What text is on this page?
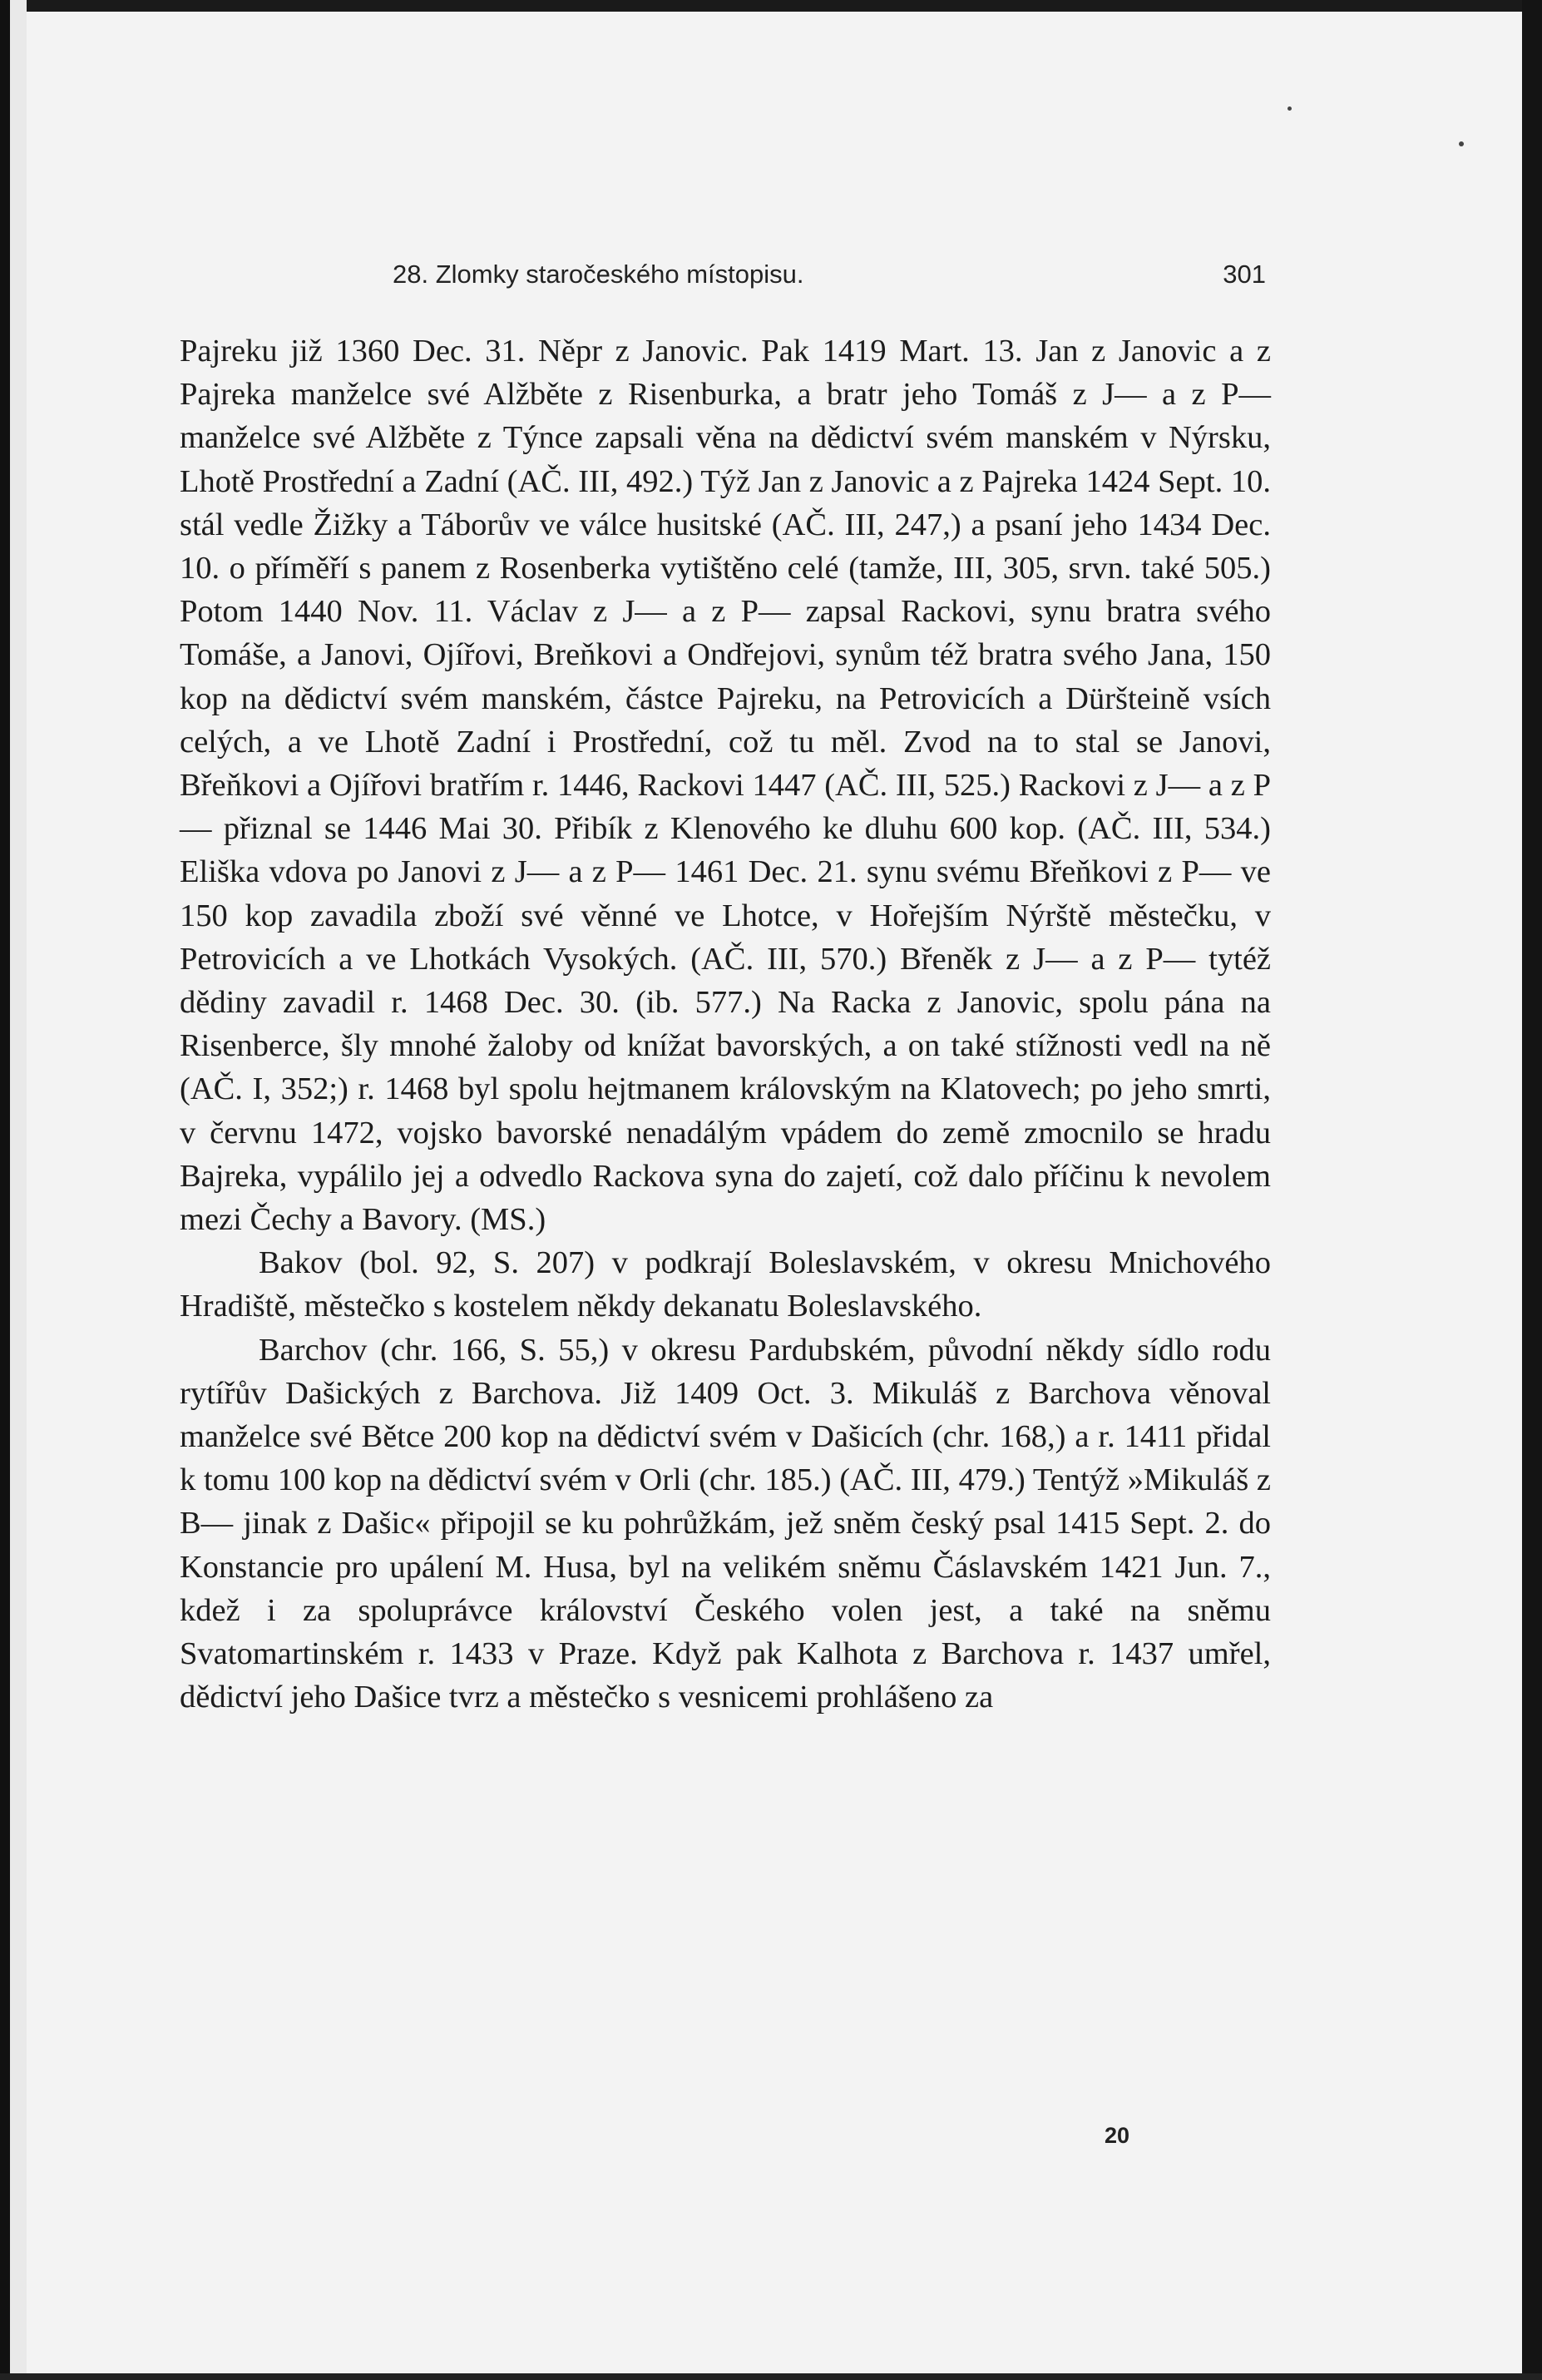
28. Zlomky staročeského místopisu.	301

Pajreku již 1360 Dec. 31. Něpr z Janovic. Pak 1419 Mart. 13. Jan z Janovic a z Pajreka manželce své Alžběte z Risenburka, a bratr jeho Tomáš z J— a z P— manželce své Alžběte z Týnce zapsali věna na dědictví svém manském v Nýrsku, Lhotě Prostřední a Zadní (AČ. III, 492.) Týž Jan z Janovic a z Pajreka 1424 Sept. 10. stál vedle Žižky a Táborův ve válce husitské (AČ. III, 247,) a psaní jeho 1434 Dec. 10. o příměří s panem z Rosenberka vytištěno celé (tamže, III, 305, srvn. také 505.) Potom 1440 Nov. 11. Václav z J— a z P— zapsal Rackovi, synu bratra svého Tomáše, a Janovi, Ojířovi, Breňkovi a Ondřejovi, synům též bratra svého Jana, 150 kop na dědictví svém manském, částce Pajreku, na Petrovicích a Düršteině vsích celých, a ve Lhotě Zadní i Prostřední, což tu měl. Zvod na to stal se Janovi, Břeňkovi a Ojířovi bratřím r. 1446, Rackovi 1447 (AČ. III, 525.) Rackovi z J— a z P— přiznal se 1446 Mai 30. Přibík z Klenového ke dluhu 600 kop. (AČ. III, 534.) Eliška vdova po Janovi z J— a z P— 1461 Dec. 21. synu svému Břeňkovi z P— ve 150 kop zavadila zboží své věnné ve Lhotce, v Hořejším Nýrště městečku, v Petrovicích a ve Lhotkách Vysokých. (AČ. III, 570.) Břeněk z J— a z P— tytéž dědiny zavadil r. 1468 Dec. 30. (ib. 577.) Na Racka z Janovic, spolu pána na Risenberce, šly mnohé žaloby od knížat bavorských, a on také stížnosti vedl na ně (AČ. I, 352;) r. 1468 byl spolu hejtmanem královským na Klatovech; po jeho smrti, v červnu 1472, vojsko bavorské nenadálým vpádem do země zmocnilo se hradu Bajreka, vypálilo jej a odvedlo Rackova syna do zajetí, což dalo příčinu k nevolem mezi Čechy a Bavory. (MS.)

Bakov (bol. 92, S. 207) v podkrají Boleslavském, v okresu Mnichového Hradiště, městečko s kostelem někdy dekanatu Boleslavského.

Barchov (chr. 166, S. 55,) v okresu Pardubském, původní někdy sídlo rodu rytířův Dašických z Barchova. Již 1409 Oct. 3. Mikuláš z Barchova věnoval manželce své Bětce 200 kop na dědictví svém v Dašicích (chr. 168,) a r. 1411 přidal k tomu 100 kop na dědictví svém v Orli (chr. 185.) (AČ. III, 479.) Tentýž »Mikuláš z B— jinak z Dašic« připojil se ku pohrůžkám, jež sněm český psal 1415 Sept. 2. do Konstancie pro upálení M. Husa, byl na velikém sněmu Čáslavském 1421 Jun. 7., kdež i za spoluprávce království Českého volen jest, a také na sněmu Svatomartinském r. 1433 v Praze. Když pak Kalhota z Barchova r. 1437 umřel, dědictví jeho Dašice tvrz a městečko s vesnicemi prohlášeno za

20
